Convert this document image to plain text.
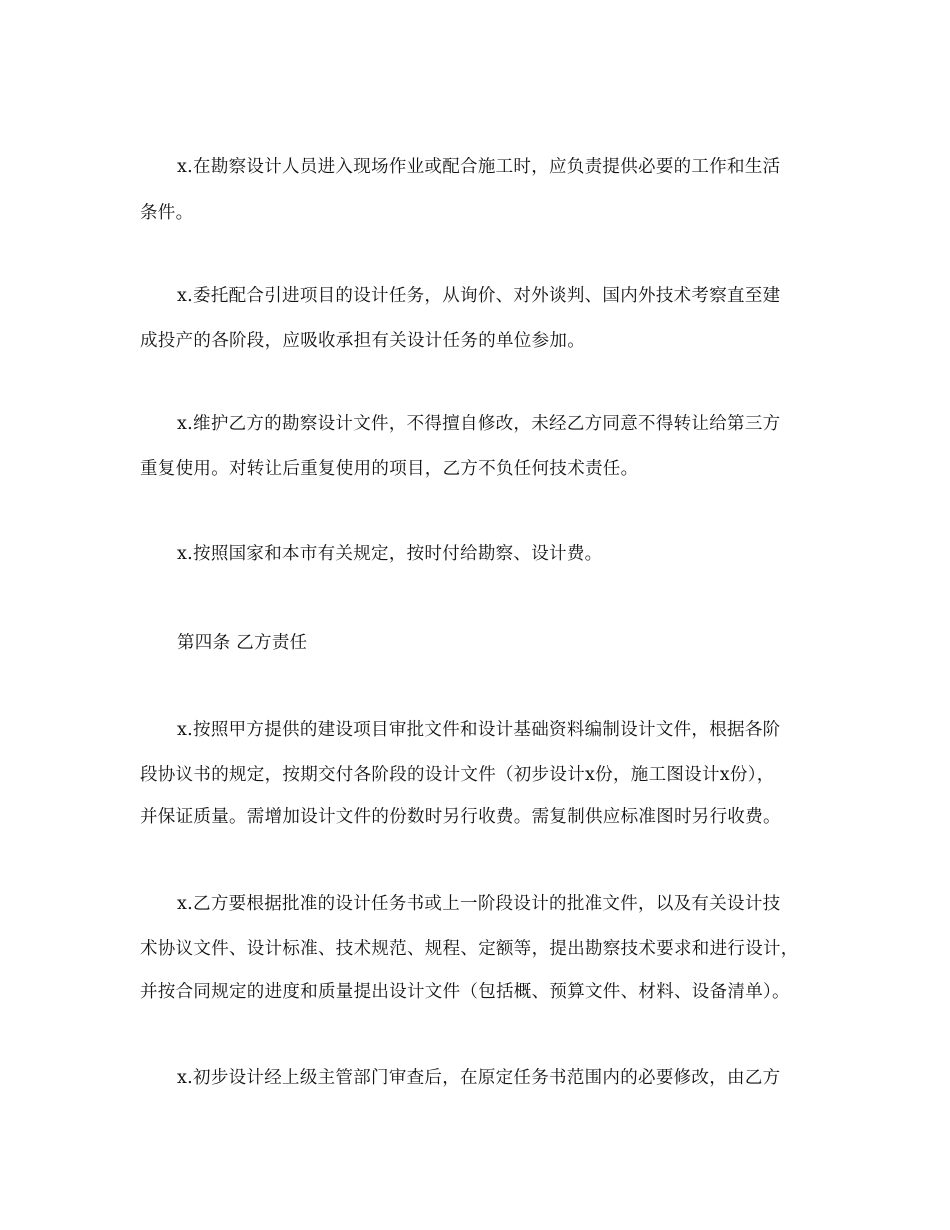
x.在勘察设计人员进入现场作业或配合施工时，应负责提供必要的工作和生活
条件。
x.委托配合引进项目的设计任务，从询价、对外谈判、国内外技术考察直至建
成投产的各阶段，应吸收承担有关设计任务的单位参加。
x.维护乙方的勘察设计文件，不得擅自修改，未经乙方同意不得转让给第三方
重复使用。对转让后重复使用的项目，乙方不负任何技术责任。
x.按照国家和本市有关规定，按时付给勘察、设计费。
第四条 乙方责任
x.按照甲方提供的建设项目审批文件和设计基础资料编制设计文件，根据各阶
段协议书的规定，按期交付各阶段的设计文件（初步设计x份，施工图设计x份），
并保证质量。需增加设计文件的份数时另行收费。需复制供应标准图时另行收费。
x.乙方要根据批准的设计任务书或上一阶段设计的批准文件，以及有关设计技
术协议文件、设计标准、技术规范、规程、定额等，提出勘察技术要求和进行设计，
并按合同规定的进度和质量提出设计文件（包括概、预算文件、材料、设备清单）。
x.初步设计经上级主管部门审查后，在原定任务书范围内的必要修改，由乙方
